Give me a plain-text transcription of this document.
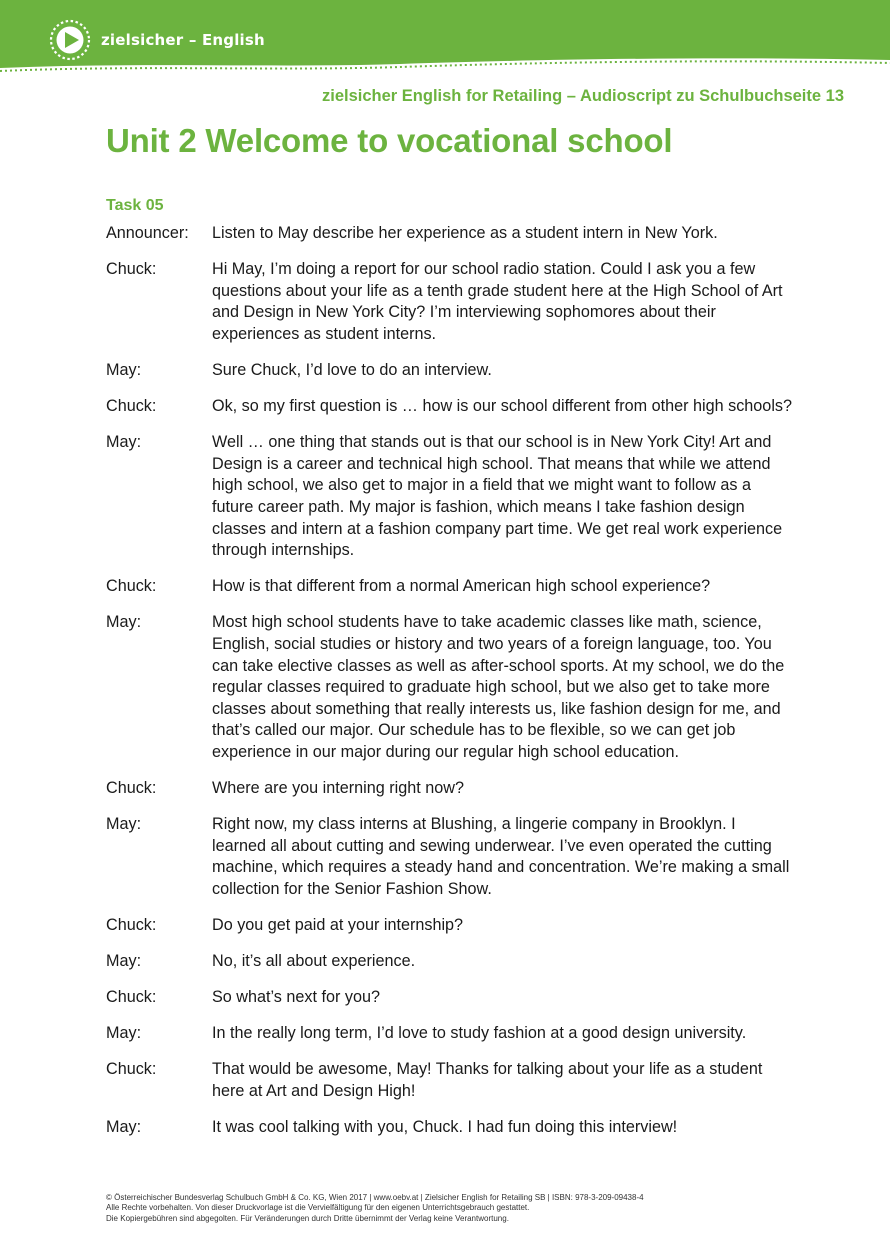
zielsicher – English
zielsicher English for Retailing – Audioscript zu Schulbuchseite 13
Unit 2 Welcome to vocational school
Task 05
Announcer:	Listen to May describe her experience as a student intern in New York.
Chuck:	Hi May, I’m doing a report for our school radio station. Could I ask you a few questions about your life as a tenth grade student here at the High School of Art and Design in New York City? I’m interviewing sophomores about their experiences as student interns.
May:	Sure Chuck, I’d love to do an interview.
Chuck:	Ok, so my first question is … how is our school different from other high schools?
May:	Well … one thing that stands out is that our school is in New York City! Art and Design is a career and technical high school. That means that while we attend high school, we also get to major in a field that we might want to follow as a future career path. My major is fashion, which means I take fashion design classes and intern at a fashion company part time. We get real work experience through internships.
Chuck:	How is that different from a normal American high school experience?
May:	Most high school students have to take academic classes like math, science, English, social studies or history and two years of a foreign language, too. You can take elective classes as well as after-school sports. At my school, we do the regular classes required to graduate high school, but we also get to take more classes about something that really interests us, like fashion design for me, and that’s called our major. Our schedule has to be flexible, so we can get job experience in our major during our regular high school education.
Chuck:	Where are you interning right now?
May:	Right now, my class interns at Blushing, a lingerie company in Brooklyn. I learned all about cutting and sewing underwear. I’ve even operated the cutting machine, which requires a steady hand and concentration. We’re making a small collection for the Senior Fashion Show.
Chuck:	Do you get paid at your internship?
May:	No, it’s all about experience.
Chuck:	So what’s next for you?
May:	In the really long term, I’d love to study fashion at a good design university.
Chuck:	That would be awesome, May! Thanks for talking about your life as a student here at Art and Design High!
May:	It was cool talking with you, Chuck. I had fun doing this interview!
© Österreichischer Bundesverlag Schulbuch GmbH & Co. KG, Wien 2017 | www.oebv.at | Zielsicher English for Retailing SB | ISBN: 978-3-209-09438-4
Alle Rechte vorbehalten. Von dieser Druckvorlage ist die Vervielfältigung für den eigenen Unterrichtsgebrauch gestattet.
Die Kopiergebühren sind abgegolten. Für Veränderungen durch Dritte übernimmt der Verlag keine Verantwortung.
